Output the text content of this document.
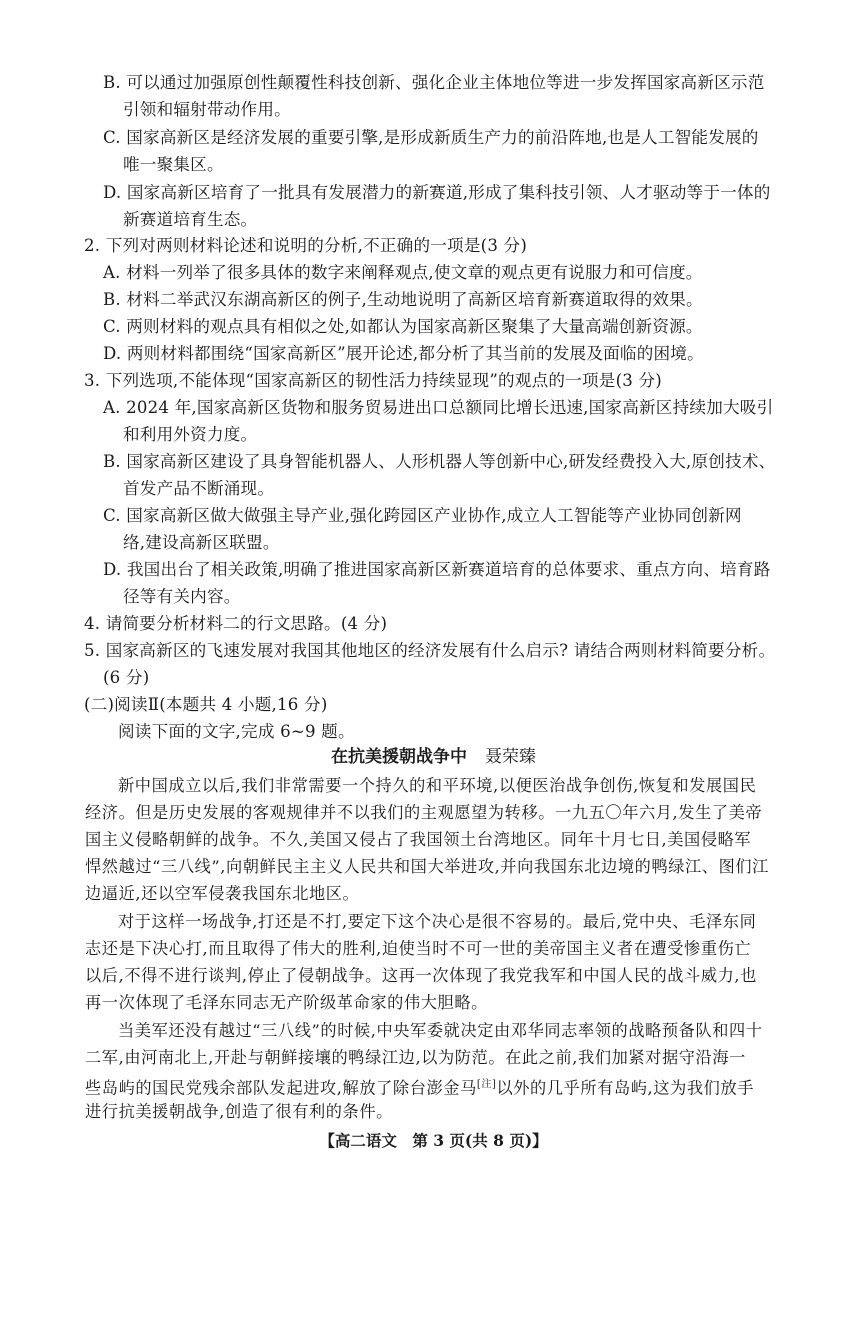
B. 可以通过加强原创性颠覆性科技创新、强化企业主体地位等进一步发挥国家高新区示范
引领和辐射带动作用。
C. 国家高新区是经济发展的重要引擎,是形成新质生产力的前沿阵地,也是人工智能发展的
唯一聚集区。
D. 国家高新区培育了一批具有发展潜力的新赛道,形成了集科技引领、人才驱动等于一体的
新赛道培育生态。
2. 下列对两则材料论述和说明的分析,不正确的一项是(3 分)
A. 材料一列举了很多具体的数字来阐释观点,使文章的观点更有说服力和可信度。
B. 材料二举武汉东湖高新区的例子,生动地说明了高新区培育新赛道取得的效果。
C. 两则材料的观点具有相似之处,如都认为国家高新区聚集了大量高端创新资源。
D. 两则材料都围绕“国家高新区”展开论述,都分析了其当前的发展及面临的困境。
3. 下列选项,不能体现“国家高新区的韧性活力持续显现”的观点的一项是(3 分)
A. 2024 年,国家高新区货物和服务贸易进出口总额同比增长迅速,国家高新区持续加大吸引
和利用外资力度。
B. 国家高新区建设了具身智能机器人、人形机器人等创新中心,研发经费投入大,原创技术、
首发产品不断涌现。
C. 国家高新区做大做强主导产业,强化跨园区产业协作,成立人工智能等产业协同创新网
络,建设高新区联盟。
D. 我国出台了相关政策,明确了推进国家高新区新赛道培育的总体要求、重点方向、培育路
径等有关内容。
4. 请简要分析材料二的行文思路。(4 分)
5. 国家高新区的飞速发展对我国其他地区的经济发展有什么启示? 请结合两则材料简要分析。
(6 分)
(二)阅读Ⅱ(本题共 4 小题,16 分)
阅读下面的文字,完成 6~9 题。
在抗美援朝战争中 聂荣臻
新中国成立以后,我们非常需要一个持久的和平环境,以便医治战争创伤,恢复和发展国民
经济。但是历史发展的客观规律并不以我们的主观愿望为转移。一九五〇年六月,发生了美帝
国主义侵略朝鲜的战争。不久,美国又侵占了我国领土台湾地区。同年十月七日,美国侵略军
悍然越过“三八线”,向朝鲜民主主义人民共和国大举进攻,并向我国东北边境的鸭绿江、图们江
边逼近,还以空军侵袭我国东北地区。
对于这样一场战争,打还是不打,要定下这个决心是很不容易的。最后,党中央、毛泽东同
志还是下决心打,而且取得了伟大的胜利,迫使当时不可一世的美帝国主义者在遭受惨重伤亡
以后,不得不进行谈判,停止了侵朝战争。这再一次体现了我党我军和中国人民的战斗威力,也
再一次体现了毛泽东同志无产阶级革命家的伟大胆略。
当美军还没有越过“三八线”的时候,中央军委就决定由邓华同志率领的战略预备队和四十
二军,由河南北上,开赴与朝鲜接壤的鸭绿江边,以为防范。在此之前,我们加紧对据守沿海一
些岛屿的国民党残余部队发起进攻,解放了除台澎金马[注]以外的几乎所有岛屿,这为我们放手
进行抗美援朝战争,创造了很有利的条件。
【高二语文　第 3 页(共 8 页)】
